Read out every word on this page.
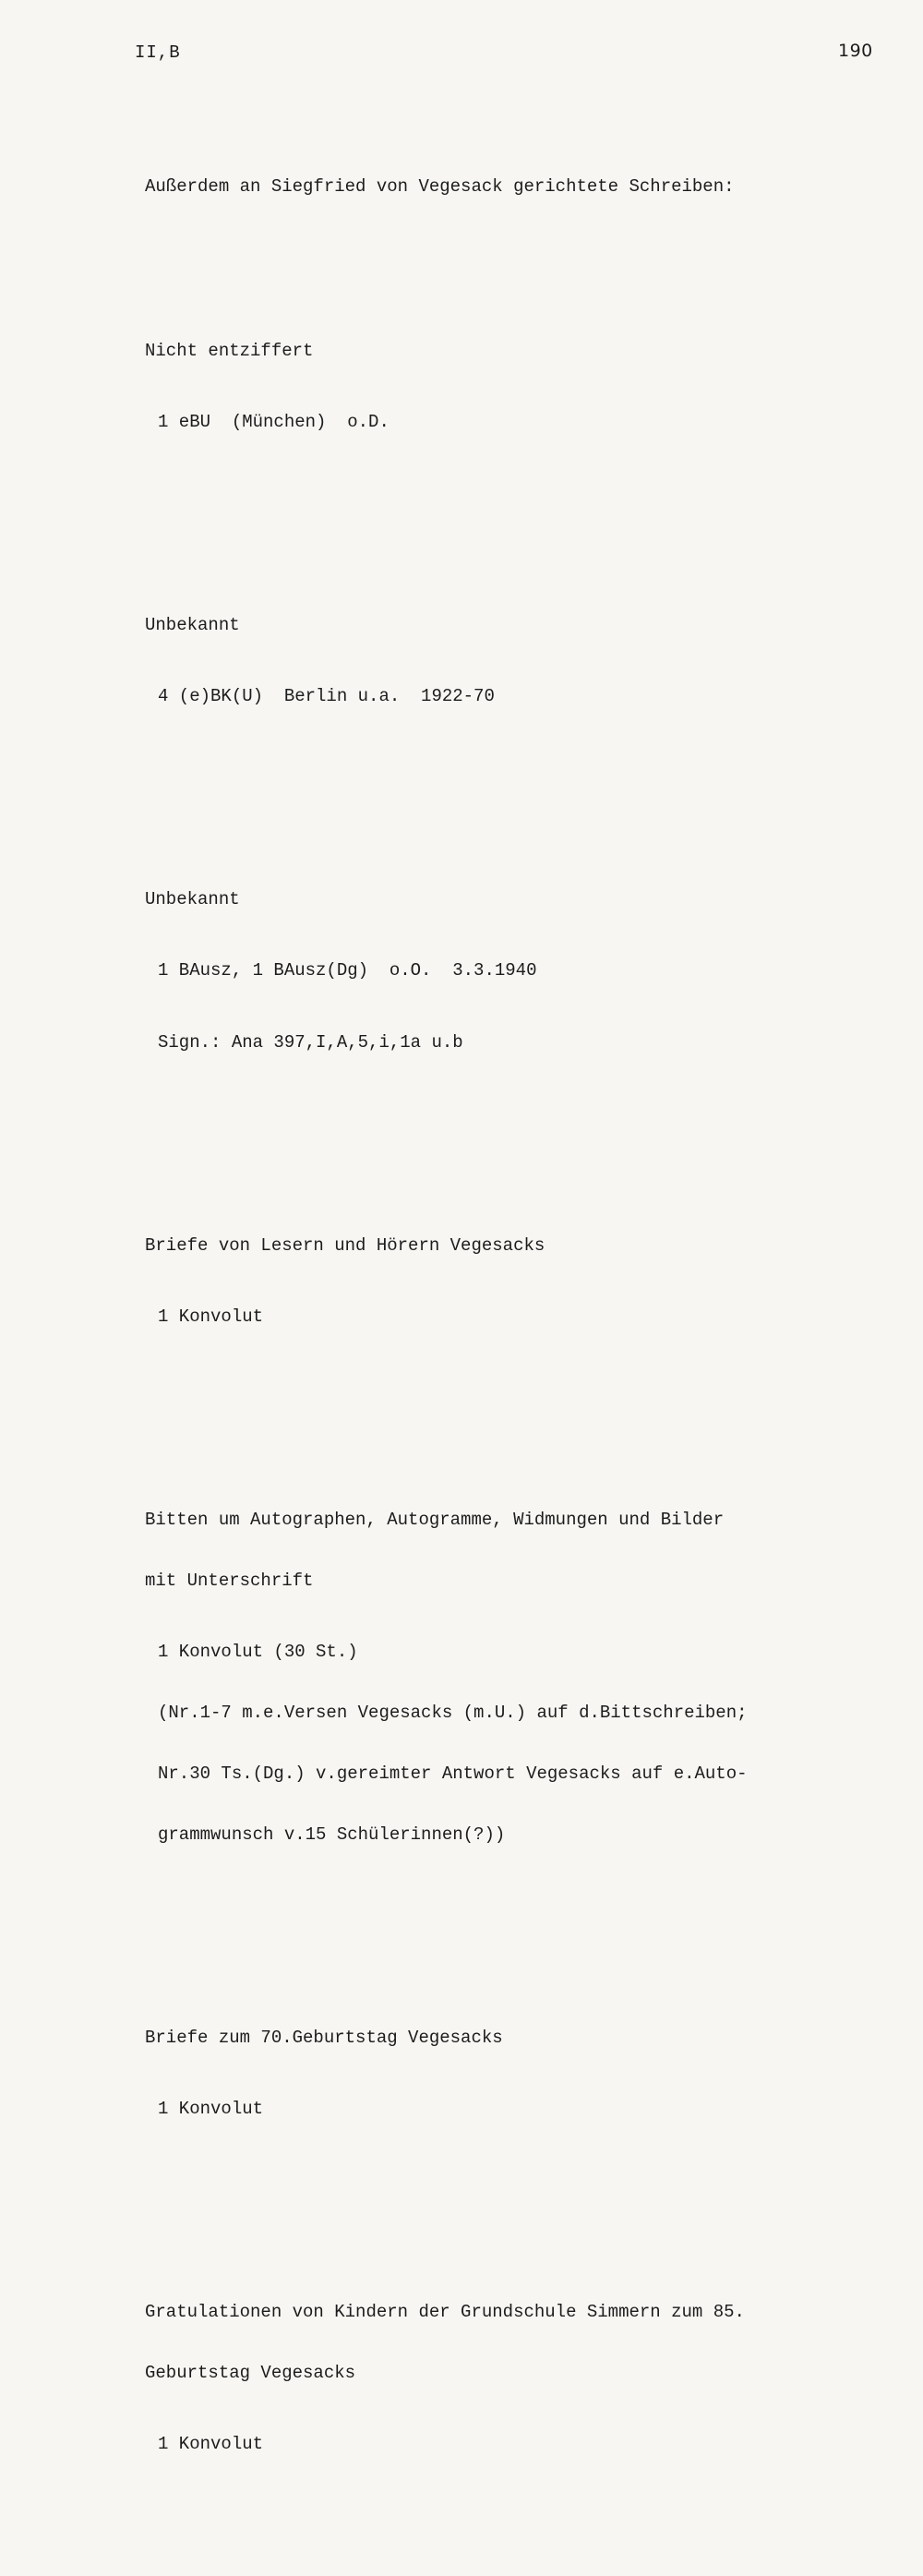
II,B	190

Außerdem an Siegfried von Vegesack gerichtete Schreiben:

Nicht entziffert

1 eBU  (München)  o.D.

Unbekannt

4 (e)BK(U)  Berlin u.a.  1922-70

Unbekannt

1 BAusz, 1 BAusz(Dg)  o.O.  3.3.1940

Sign.: Ana 397,I,A,5,i,1a u.b

Briefe von Lesern und Hörern Vegesacks

1 Konvolut

Bitten um Autographen, Autogramme, Widmungen und Bilder

mit Unterschrift

1 Konvolut (30 St.)

(Nr.1-7 m.e.Versen Vegesacks (m.U.) auf d.Bittschreiben;

Nr.30 Ts.(Dg.) v.gereimter Antwort Vegesacks auf e.Auto-

grammwunsch v.15 Schülerinnen(?))

Briefe zum 70.Geburtstag Vegesacks

1 Konvolut

Gratulationen von Kindern der Grundschule Simmern zum 85.

Geburtstag Vegesacks

1 Konvolut
